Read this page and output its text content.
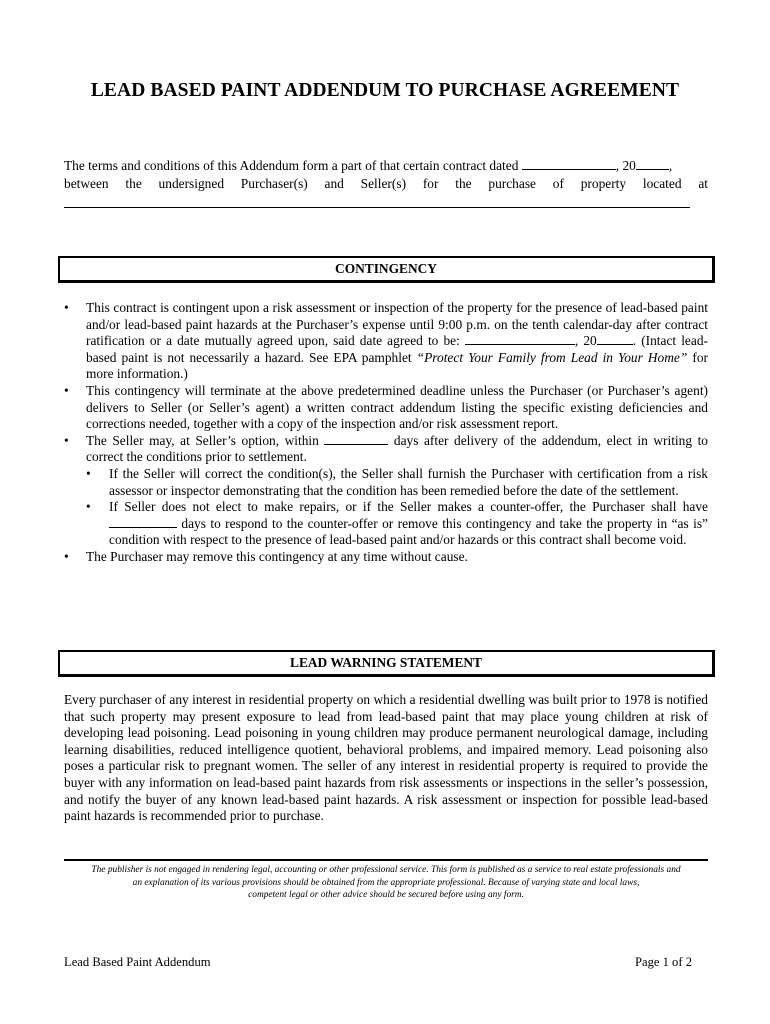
LEAD BASED PAINT ADDENDUM TO PURCHASE AGREEMENT
The terms and conditions of this Addendum form a part of that certain contract dated	, 20 ,
between the undersigned Purchaser(s) and Seller(s) for the purchase of property located at
CONTINGENCY
• This contract is contingent upon a risk assessment or inspection of the property for the presence of lead-based paint and/or lead-based paint hazards at the Purchaser’s expense until 9:00 p.m. on the tenth calendar-day after contract ratification or a date mutually agreed upon, said date agreed to be:	, 20	. (Intact lead-based paint is not necessarily a hazard. See EPA pamphlet “Protect Your Family from Lead in Your Home” for more information.)
• This contingency will terminate at the above predetermined deadline unless the Purchaser (or Purchaser’s agent) delivers to Seller (or Seller’s agent) a written contract addendum listing the specific existing deficiencies and corrections needed, together with a copy of the inspection and/or risk assessment report.
• The Seller may, at Seller’s option, within	days after delivery of the addendum, elect in writing to correct the conditions prior to settlement.
• If the Seller will correct the condition(s), the Seller shall furnish the Purchaser with certification from a risk assessor or inspector demonstrating that the condition has been remedied before the date of the settlement.
• If Seller does not elect to make repairs, or if the Seller makes a counter-offer, the Purchaser shall have  days to respond to the counter-offer or remove this contingency and take the property in “as is” condition with respect to the presence of lead-based paint and/or hazards or this contract shall become void.
• The Purchaser may remove this contingency at any time without cause.
LEAD WARNING STATEMENT
Every purchaser of any interest in residential property on which a residential dwelling was built prior to 1978 is notified that such property may present exposure to lead from lead-based paint that may place young children at risk of developing lead poisoning. Lead poisoning in young children may produce permanent neurological damage, including learning disabilities, reduced intelligence quotient, behavioral problems, and impaired memory. Lead poisoning also poses a particular risk to pregnant women. The seller of any interest in residential property is required to provide the buyer with any information on lead-based paint hazards from risk assessments or inspections in the seller’s possession, and notify the buyer of any known lead-based paint hazards. A risk assessment or inspection for possible lead-based paint hazards is recommended prior to purchase.
The publisher is not engaged in rendering legal, accounting or other professional service. This form is published as a service to real estate professionals and
an explanation of its various provisions should be obtained from the appropriate professional. Because of varying state and local laws,
competent legal or other advice should be secured before using any form.
Lead Based Paint Addendum	Page 1 of 2
